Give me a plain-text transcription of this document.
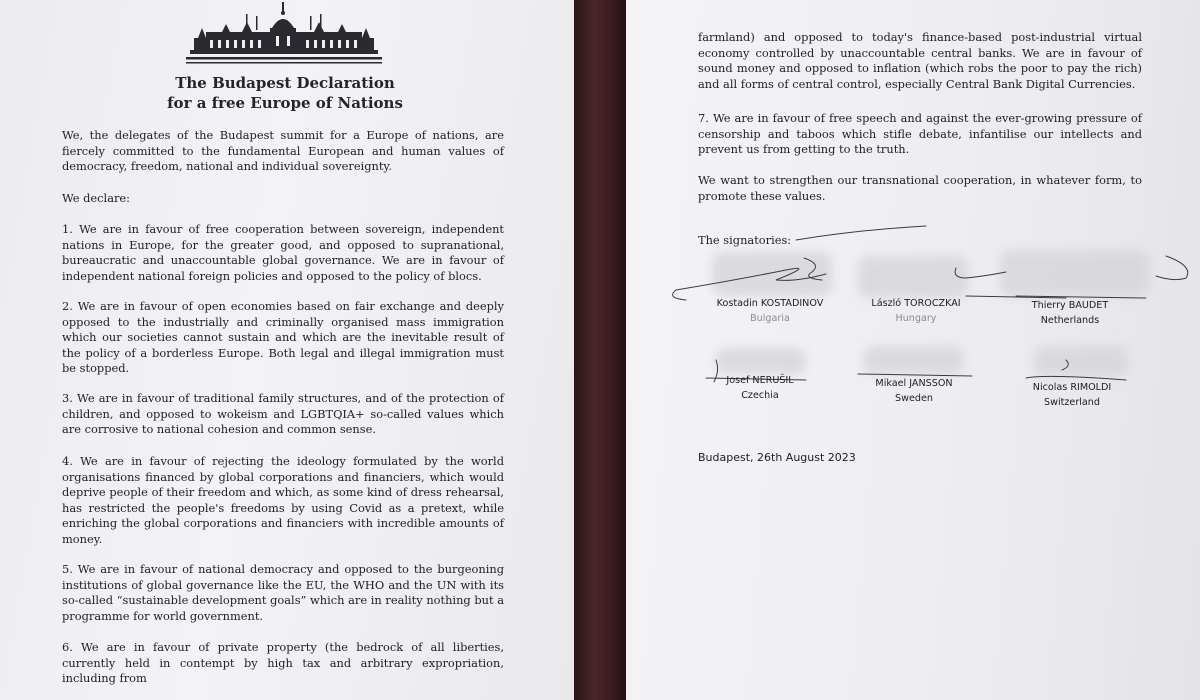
The Budapest Declaration
for a free Europe of Nations
We, the delegates of the Budapest summit for a Europe of nations, are fiercely committed to the fundamental European and human values of democracy, freedom, national and individual sovereignty.
We declare:
1. We are in favour of free cooperation between sovereign, independent nations in Europe, for the greater good, and opposed to supranational, bureaucratic and unaccountable global governance. We are in favour of independent national foreign policies and opposed to the policy of blocs.
2. We are in favour of open economies based on fair exchange and deeply opposed to the industrially and criminally organised mass immigration which our societies cannot sustain and which are the inevitable result of the policy of a borderless Europe. Both legal and illegal immigration must be stopped.
3. We are in favour of traditional family structures, and of the protection of children, and opposed to wokeism and LGBTQIA+ so-called values which are corrosive to national cohesion and common sense.
4. We are in favour of rejecting the ideology formulated by the world organisations financed by global corporations and financiers, which would deprive people of their freedom and which, as some kind of dress rehearsal, has restricted the people's freedoms by using Covid as a pretext, while enriching the global corporations and financiers with incredible amounts of money.
5. We are in favour of national democracy and opposed to the burgeoning institutions of global governance like the EU, the WHO and the UN with its so-called “sustainable development goals” which are in reality nothing but a programme for world government.
6. We are in favour of private property (the bedrock of all liberties, currently held in contempt by high tax and arbitrary expropriation, including from
farmland) and opposed to today's finance-based post-industrial virtual economy controlled by unaccountable central banks. We are in favour of sound money and opposed to inflation (which robs the poor to pay the rich) and all forms of central control, especially Central Bank Digital Currencies.
7. We are in favour of free speech and against the ever-growing pressure of censorship and taboos which stifle debate, infantilise our intellects and prevent us from getting to the truth.
We want to strengthen our transnational cooperation, in whatever form, to promote these values.
The signatories:
Kostadin KOSTADINOV
Bulgaria
László TOROCZKAI
Hungary
Thierry BAUDET
Netherlands
Josef NERUŠIL
Czechia
Mikael JANSSON
Sweden
Nicolas RIMOLDI
Switzerland
Budapest, 26th August 2023
